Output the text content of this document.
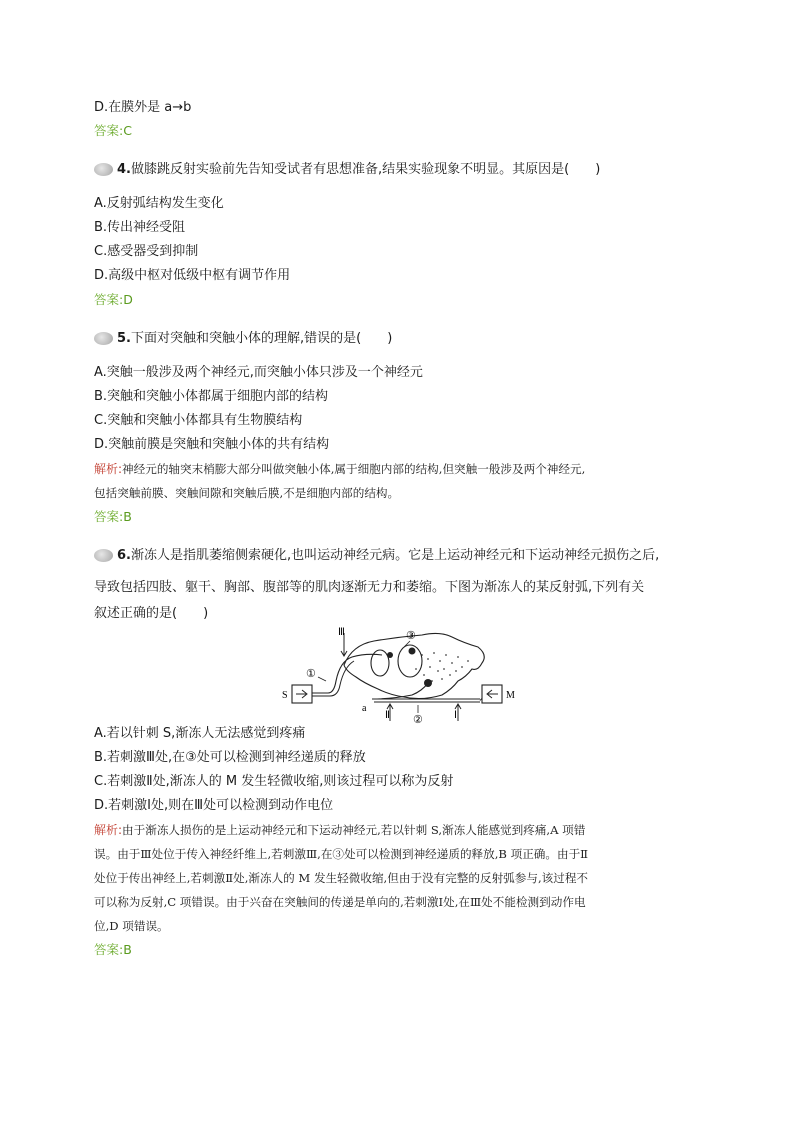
D.在膜外是 a→b
答案:C
4.做膝跳反射实验前先告知受试者有思想准备,结果实验现象不明显。其原因是(　　)
A.反射弧结构发生变化
B.传出神经受阻
C.感受器受到抑制
D.高级中枢对低级中枢有调节作用
答案:D
5.下面对突触和突触小体的理解,错误的是(　　)
A.突触一般涉及两个神经元,而突触小体只涉及一个神经元
B.突触和突触小体都属于细胞内部的结构
C.突触和突触小体都具有生物膜结构
D.突触前膜是突触和突触小体的共有结构
解析:神经元的轴突末梢膨大部分叫做突触小体,属于细胞内部的结构,但突触一般涉及两个神经元,
包括突触前膜、突触间隙和突触后膜,不是细胞内部的结构。
答案:B
6.渐冻人是指肌萎缩侧索硬化,也叫运动神经元病。它是上运动神经元和下运动神经元损伤之后,
导致包括四肢、躯干、胸部、腹部等的肌肉逐渐无力和萎缩。下图为渐冻人的某反射弧,下列有关
叙述正确的是(　　)
S	M
a
①
②
③
Ⅰ
Ⅱ
Ⅲ
A.若以针刺 S,渐冻人无法感觉到疼痛
B.若刺激Ⅲ处,在③处可以检测到神经递质的释放
C.若刺激Ⅱ处,渐冻人的 M 发生轻微收缩,则该过程可以称为反射
D.若刺激Ⅰ处,则在Ⅲ处可以检测到动作电位
解析:由于渐冻人损伤的是上运动神经元和下运动神经元,若以针刺 S,渐冻人能感觉到疼痛,A 项错
误。由于Ⅲ处位于传入神经纤维上,若刺激Ⅲ,在③处可以检测到神经递质的释放,B 项正确。由于Ⅱ
处位于传出神经上,若刺激Ⅱ处,渐冻人的 M 发生轻微收缩,但由于没有完整的反射弧参与,该过程不
可以称为反射,C 项错误。由于兴奋在突触间的传递是单向的,若刺激Ⅰ处,在Ⅲ处不能检测到动作电
位,D 项错误。
答案:B
